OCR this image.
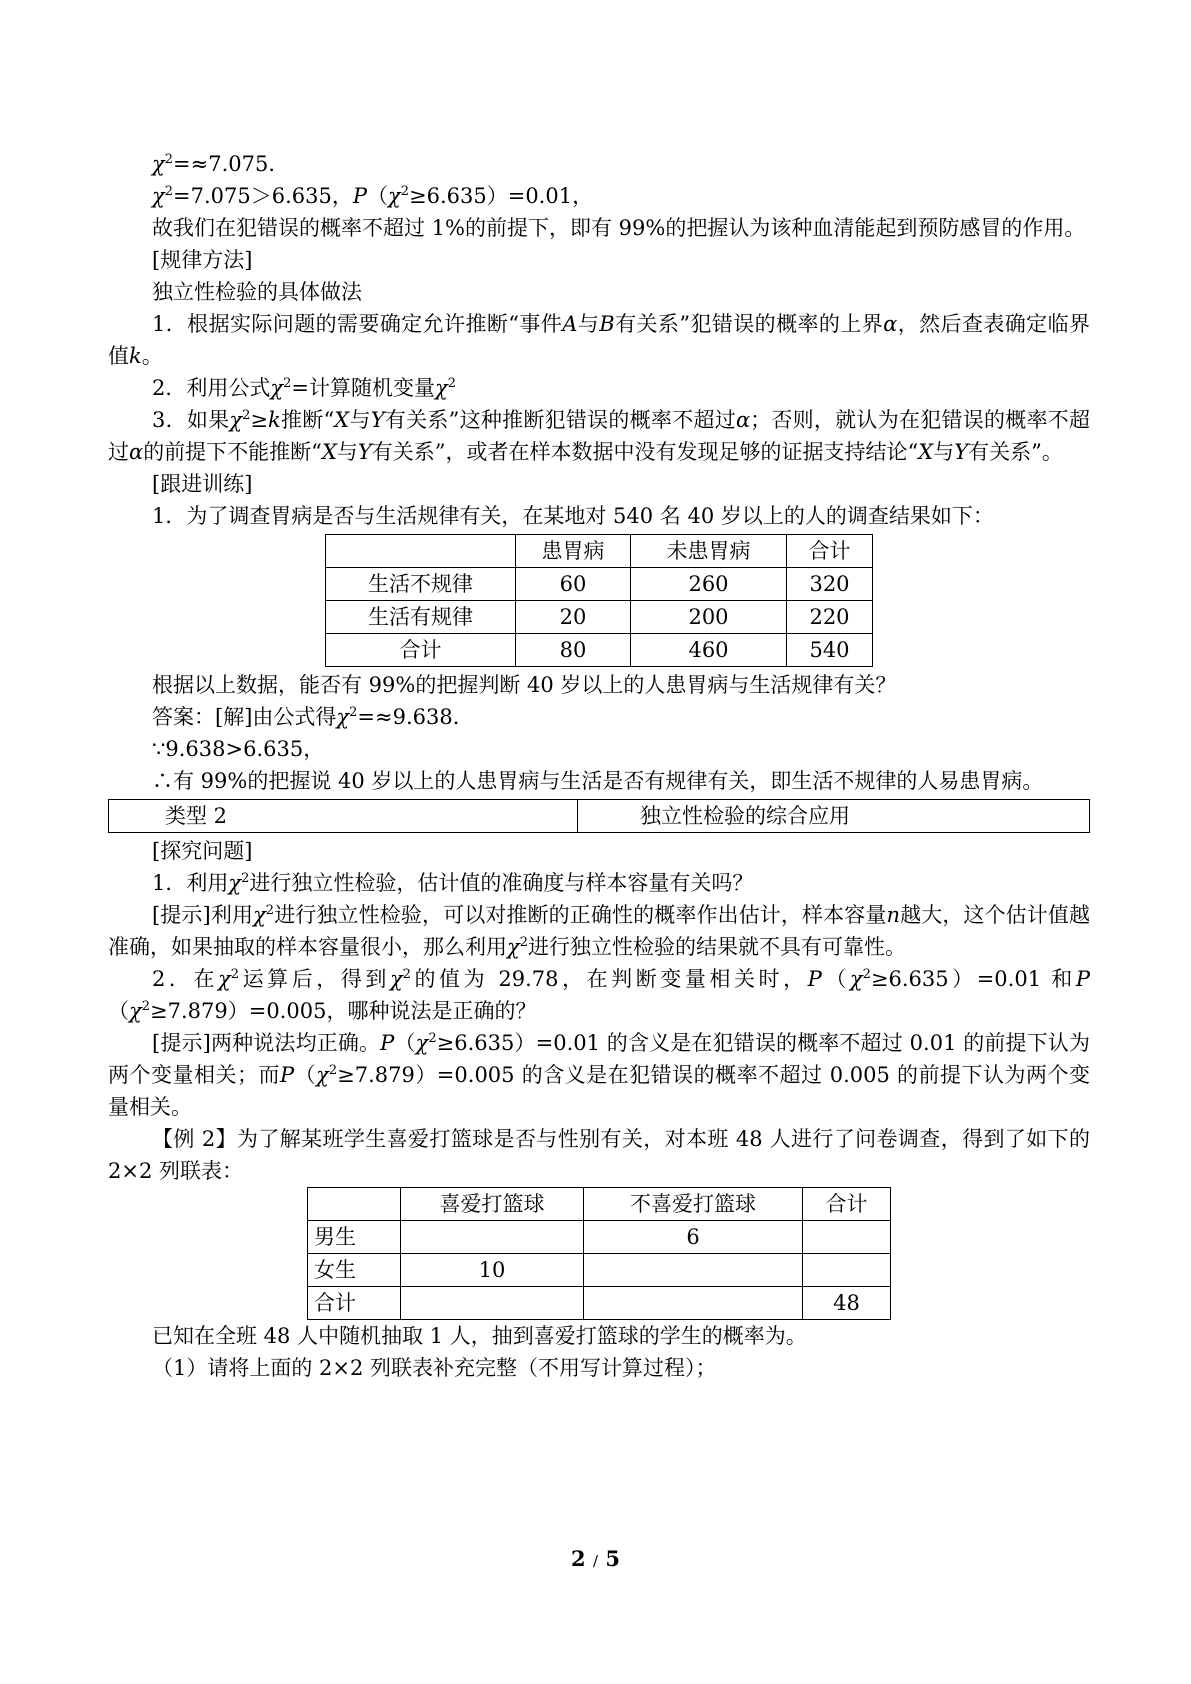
$\chi^2=\approx 7.075$．
$\chi^2=7.075>6.635$，$P(\chi^2\ge 6.635)=0.01$，
故我们在犯错误的概率不超过 1%的前提下，即有 99%的把握认为该种血清能起到预防感冒的作用。
[规律方法]
独立性检验的具体做法
1．根据实际问题的需要确定允许推断“事件A与B有关系”犯错误的概率的上界α，然后查表确定临界值k。
2．利用公式$\chi^2=$计算随机变量$\chi^2$
3．如果$\chi^2\ge k$推断“X与Y有关系”这种推断犯错误的概率不超过α；否则，就认为在犯错误的概率不超过α的前提下不能推断“X与Y有关系”，或者在样本数据中没有发现足够的证据支持结论“X与Y有关系”。
[跟进训练]
1．为了调查胃病是否与生活规律有关，在某地对 540 名 40 岁以上的人的调查结果如下：
	患胃病	未患胃病	合计
生活不规律	60	260	320
生活有规律	20	200	220
合计	80	460	540
根据以上数据，能否有 99%的把握判断 40 岁以上的人患胃病与生活规律有关？
答案：[解]由公式得$\chi^2=\approx 9.638$．
∵9.638>6.635，
∴有 99%的把握说 40 岁以上的人患胃病与生活是否有规律有关，即生活不规律的人易患胃病。
类型 2	独立性检验的综合应用
[探究问题]
1．利用$\chi^2$进行独立性检验，估计值的准确度与样本容量有关吗？
[提示]利用$\chi^2$进行独立性检验，可以对推断的正确性的概率作出估计，样本容量n越大，这个估计值越准确，如果抽取的样本容量很小，那么利用$\chi^2$进行独立性检验的结果就不具有可靠性。
2．在$\chi^2$运算后，得到$\chi^2$的值为 29.78，在判断变量相关时，$P(\chi^2\ge 6.635)=0.01$ 和$P(\chi^2\ge 7.879)=0.005$，哪种说法是正确的？
[提示]两种说法均正确。$P(\chi^2\ge 6.635)=0.01$ 的含义是在犯错误的概率不超过 0.01 的前提下认为两个变量相关；而$P(\chi^2\ge 7.879)=0.005$ 的含义是在犯错误的概率不超过 0.005 的前提下认为两个变量相关。
【例 2】为了解某班学生喜爱打篮球是否与性别有关，对本班 48 人进行了问卷调查，得到了如下的 2×2 列联表：
	喜爱打篮球	不喜爱打篮球	合计
男生		6	
女生	10		
合计			48
已知在全班 48 人中随机抽取 1 人，抽到喜爱打篮球的学生的概率为。
（1）请将上面的 2×2 列联表补充完整（不用写计算过程）；
2 / 5
